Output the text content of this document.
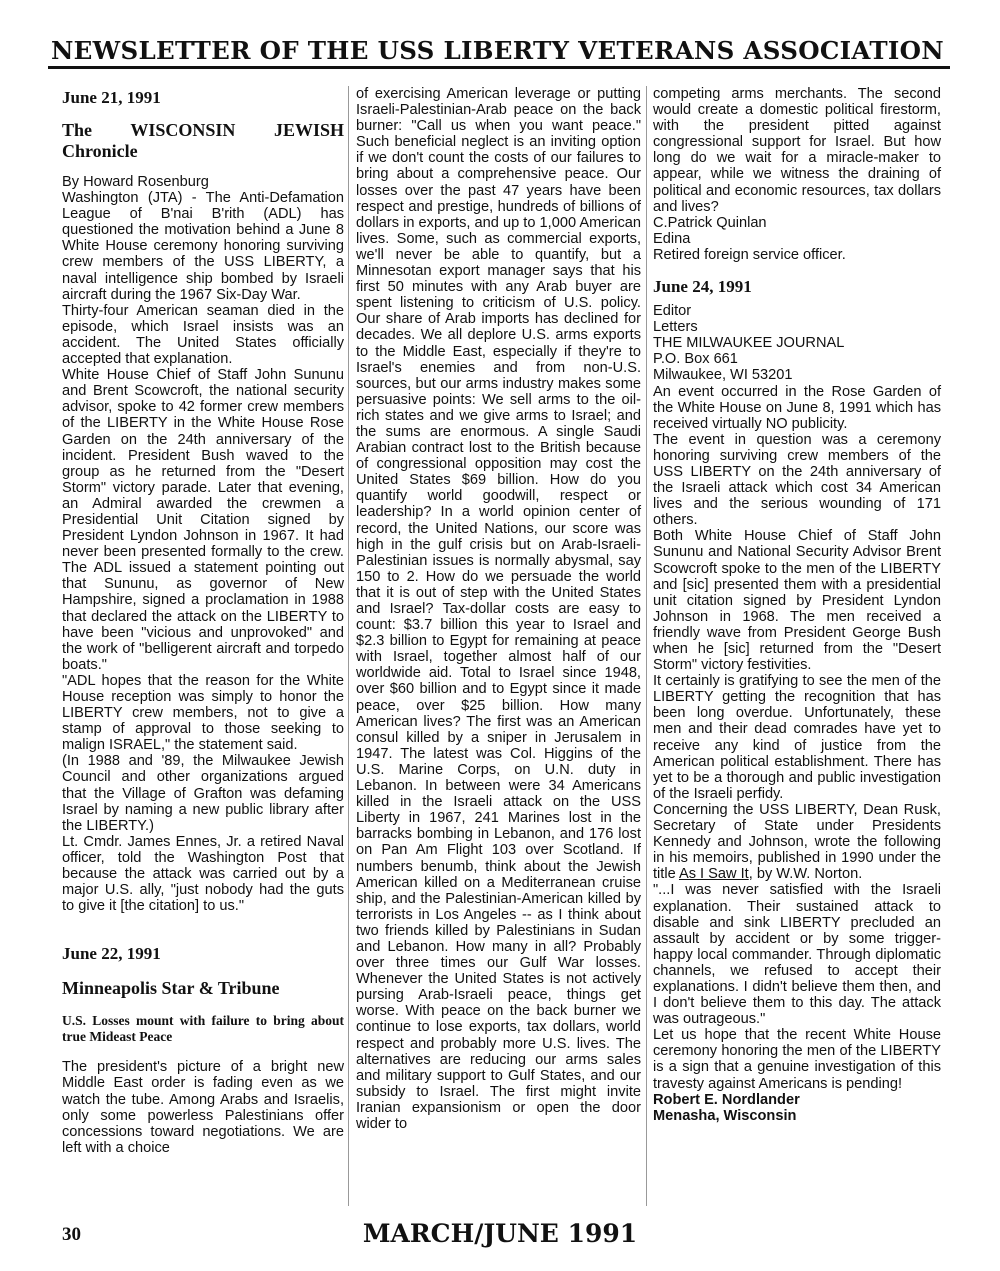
NEWSLETTER OF THE USS LIBERTY VETERANS ASSOCIATION

June 21, 1991

The WISCONSIN JEWISH Chronicle

By Howard Rosenburg

Washington (JTA) - The Anti-Defamation League of B'nai B'rith (ADL) has questioned the motivation behind a June 8 White House ceremony honoring surviving crew members of the USS LIBERTY, a naval intelligence ship bombed by Israeli aircraft during the 1967 Six-Day War.

Thirty-four American seaman died in the episode, which Israel insists was an accident. The United States officially accepted that explanation.

White House Chief of Staff John Sununu and Brent Scowcroft, the national security advisor, spoke to 42 former crew members of the LIBERTY in the White House Rose Garden on the 24th anniversary of the incident. President Bush waved to the group as he returned from the "Desert Storm" victory parade. Later that evening, an Admiral awarded the crewmen a Presidential Unit Citation signed by President Lyndon Johnson in 1967. It had never been presented formally to the crew. The ADL issued a statement pointing out that Sununu, as governor of New Hampshire, signed a proclamation in 1988 that declared the attack on the LIBERTY to have been "vicious and unprovoked" and the work of "belligerent aircraft and torpedo boats."

"ADL hopes that the reason for the White House reception was simply to honor the LIBERTY crew members, not to give a stamp of approval to those seeking to malign ISRAEL," the statement said.

(In 1988 and '89, the Milwaukee Jewish Council and other organizations argued that the Village of Grafton was defaming Israel by naming a new public library after the LIBERTY.)

Lt. Cmdr. James Ennes, Jr. a retired Naval officer, told the Washington Post that because the attack was carried out by a major U.S. ally, "just nobody had the guts to give it [the citation] to us."

June 22, 1991

Minneapolis Star & Tribune

U.S. Losses mount with failure to bring about true Mideast Peace

The president's picture of a bright new Middle East order is fading even as we watch the tube. Among Arabs and Israelis, only some powerless Palestinians offer concessions toward negotiations. We are left with a choice

of exercising American leverage or putting Israeli-Palestinian-Arab peace on the back burner: "Call us when you want peace." Such beneficial neglect is an inviting option if we don't count the costs of our failures to bring about a comprehensive peace. Our losses over the past 47 years have been respect and prestige, hundreds of billions of dollars in exports, and up to 1,000 American lives. Some, such as commercial exports, we'll never be able to quantify, but a Minnesotan export manager says that his first 50 minutes with any Arab buyer are spent listening to criticism of U.S. policy. Our share of Arab imports has declined for decades. We all deplore U.S. arms exports to the Middle East, especially if they're to Israel's enemies and from non-U.S. sources, but our arms industry makes some persuasive points: We sell arms to the oil-rich states and we give arms to Israel; and the sums are enormous. A single Saudi Arabian contract lost to the British because of congressional opposition may cost the United States $69 billion. How do you quantify world goodwill, respect or leadership? In a world opinion center of record, the United Nations, our score was high in the gulf crisis but on Arab-Israeli-Palestinian issues is normally abysmal, say 150 to 2. How do we persuade the world that it is out of step with the United States and Israel? Tax-dollar costs are easy to count: $3.7 billion this year to Israel and $2.3 billion to Egypt for remaining at peace with Israel, together almost half of our worldwide aid. Total to Israel since 1948, over $60 billion and to Egypt since it made peace, over $25 billion. How many American lives? The first was an American consul killed by a sniper in Jerusalem in 1947. The latest was Col. Higgins of the U.S. Marine Corps, on U.N. duty in Lebanon. In between were 34 Americans killed in the Israeli attack on the USS Liberty in 1967, 241 Marines lost in the barracks bombing in Lebanon, and 176 lost on Pan Am Flight 103 over Scotland. If numbers benumb, think about the Jewish American killed on a Mediterranean cruise ship, and the Palestinian-American killed by terrorists in Los Angeles -- as I think about two friends killed by Palestinians in Sudan and Lebanon. How many in all? Probably over three times our Gulf War losses. Whenever the United States is not actively pursing Arab-Israeli peace, things get worse. With peace on the back burner we continue to lose exports, tax dollars, world respect and probably more U.S. lives. The alternatives are reducing our arms sales and military support to Gulf States, and our subsidy to Israel. The first might invite Iranian expansionism or open the door wider to

competing arms merchants. The second would create a domestic political firestorm, with the president pitted against congressional support for Israel. But how long do we wait for a miracle-maker to appear, while we witness the draining of political and economic resources, tax dollars and lives?

C.Patrick Quinlan

Edina

Retired foreign service officer.

June 24, 1991

Editor

Letters

THE MILWAUKEE JOURNAL

P.O. Box 661

Milwaukee, WI 53201

An event occurred in the Rose Garden of the White House on June 8, 1991 which has received virtually NO publicity.

The event in question was a ceremony honoring surviving crew members of the USS LIBERTY on the 24th anniversary of the Israeli attack which cost 34 American lives and the serious wounding of 171 others.

Both White House Chief of Staff John Sununu and National Security Advisor Brent Scowcroft spoke to the men of the LIBERTY and [sic] presented them with a presidential unit citation signed by President Lyndon Johnson in 1968. The men received a friendly wave from President George Bush when he [sic] returned from the "Desert Storm" victory festivities.

It certainly is gratifying to see the men of the LIBERTY getting the recognition that has been long overdue. Unfortunately, these men and their dead comrades have yet to receive any kind of justice from the American political establishment. There has yet to be a thorough and public investigation of the Israeli perfidy.

Concerning the USS LIBERTY, Dean Rusk, Secretary of State under Presidents Kennedy and Johnson, wrote the following in his memoirs, published in 1990 under the title As I Saw It, by W.W. Norton.

"...I was never satisfied with the Israeli explanation. Their sustained attack to disable and sink LIBERTY precluded an assault by accident or by some trigger-happy local commander. Through diplomatic channels, we refused to accept their explanations. I didn't believe them then, and I don't believe them to this day. The attack was outrageous."

Let us hope that the recent White House ceremony honoring the men of the LIBERTY is a sign that a genuine investigation of this travesty against Americans is pending!

Robert E. Nordlander

Menasha, Wisconsin

30	MARCH/JUNE 1991
